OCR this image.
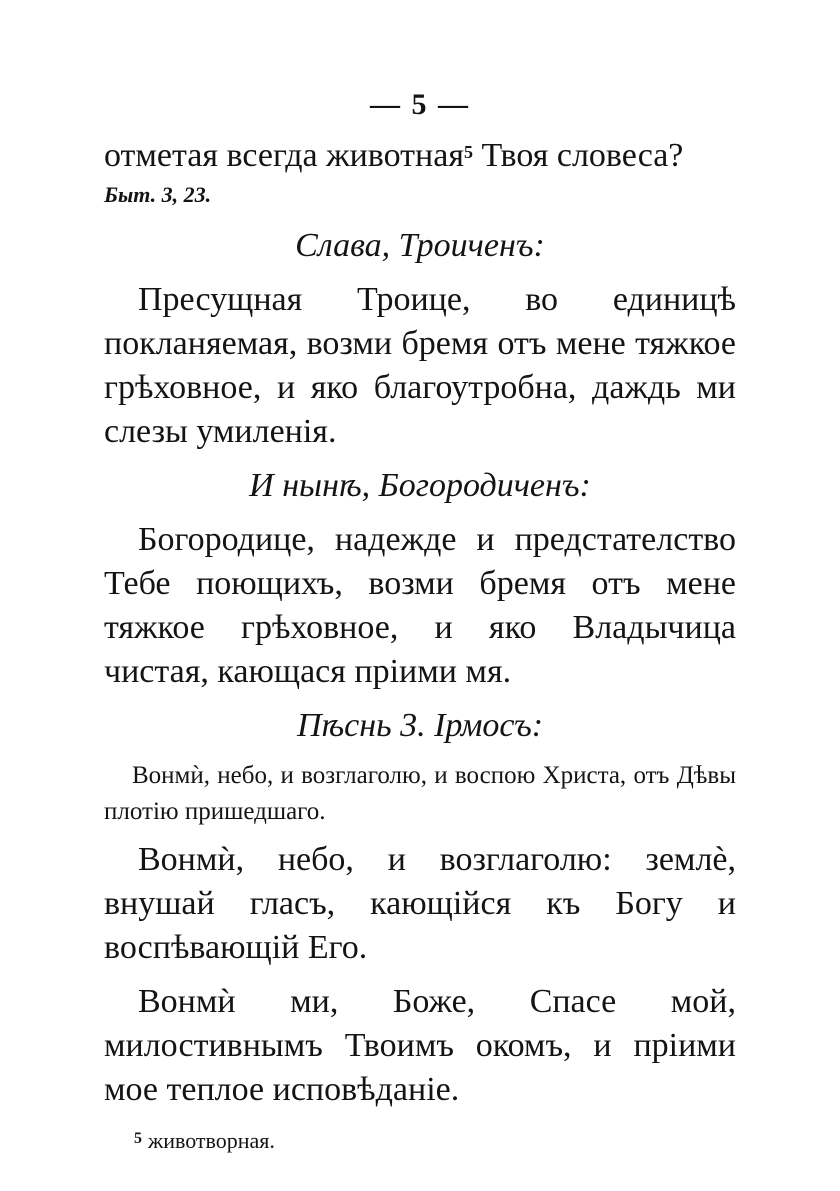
— 5 —

отметая всегда животная$^5$ Твоя словеса?

Быт. 3, 23.
Слава, Троиченъ:

Пресущная Троице, во единицѣ покланяемая, возми бремя отъ мене тяжкое грѣховное, и яко благоутробна, даждь ми слезы умиленія.

И нынѣ, Богородиченъ:

Богородице, надежде и предстателство Тебе поющихъ, возми бремя отъ мене тяжкое грѣховное, и яко Владычица чистая, кающася пріими мя.

Пѣснь 3. Ірмосъ:

Вонмѝ, небо, и возглаголю, и воспою Христа, отъ Дѣвы плотію пришедшаго.

Вонмѝ, небо, и возглаголю: землѐ, внушай гласъ, кающійся къ Богу и воспѣвающій Его.

Вонмѝ ми, Боже, Спасе мой, милостивнымъ Твоимъ окомъ, и пріими мое теплое исповѣданіе.

$^5$ животворная.
